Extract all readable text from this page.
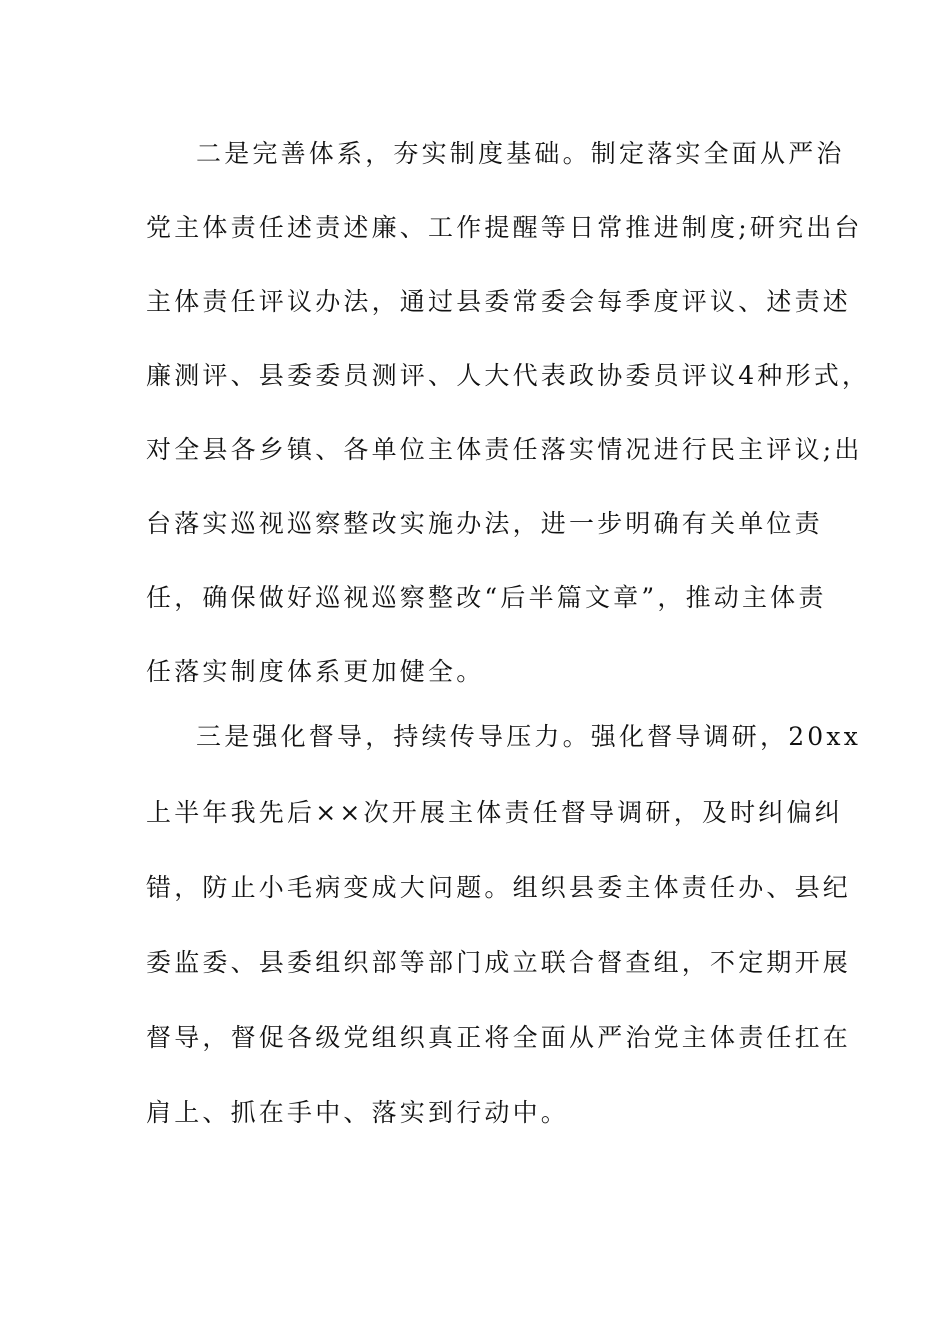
二是完善体系，夯实制度基础。制定落实全面从严治
党主体责任述责述廉、工作提醒等日常推进制度;研究出台
主体责任评议办法，通过县委常委会每季度评议、述责述
廉测评、县委委员测评、人大代表政协委员评议4种形式，
对全县各乡镇、各单位主体责任落实情况进行民主评议;出
台落实巡视巡察整改实施办法，进一步明确有关单位责
任，确保做好巡视巡察整改“后半篇文章”，推动主体责
任落实制度体系更加健全。
三是强化督导，持续传导压力。强化督导调研，20xx
上半年我先后××次开展主体责任督导调研，及时纠偏纠
错，防止小毛病变成大问题。组织县委主体责任办、县纪
委监委、县委组织部等部门成立联合督查组，不定期开展
督导，督促各级党组织真正将全面从严治党主体责任扛在
肩上、抓在手中、落实到行动中。
